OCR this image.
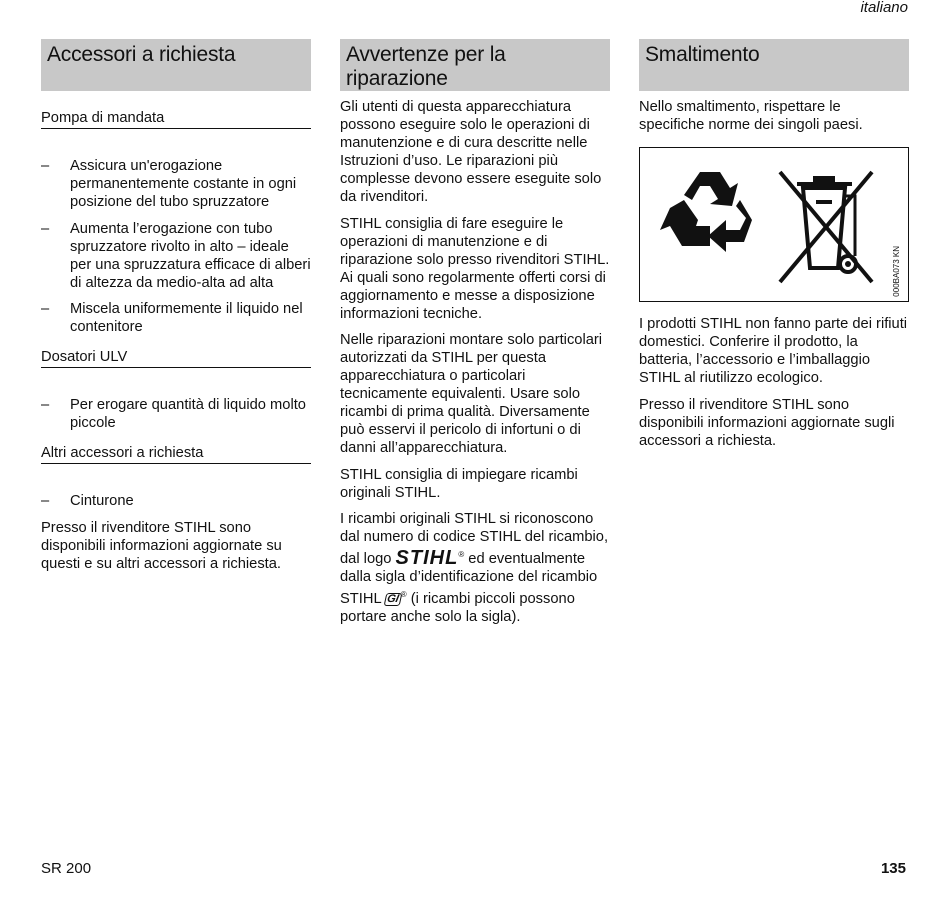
italiano
Accessori a richiesta
Pompa di mandata
–	Assicura un'erogazione permanentemente costante in ogni posizione del tubo spruzzatore
–	Aumenta l’erogazione con tubo spruzzatore rivolto in alto – ideale per una spruzzatura efficace di alberi di altezza da medio-alta ad alta
–	Miscela uniformemente il liquido nel contenitore
Dosatori ULV
–	Per erogare quantità di liquido molto piccole
Altri accessori a richiesta
–	Cinturone
Presso il rivenditore STIHL sono disponibili informazioni aggiornate su questi e su altri accessori a richiesta.
Avvertenze per la riparazione
Gli utenti di questa apparecchiatura possono eseguire solo le operazioni di manutenzione e di cura descritte nelle Istruzioni d’uso. Le riparazioni più complesse devono essere eseguite solo da rivenditori.
STIHL consiglia di fare eseguire le operazioni di manutenzione e di riparazione solo presso rivenditori STIHL. Ai quali sono regolarmente offerti corsi di aggiornamento e messe a disposizione informazioni tecniche.
Nelle riparazioni montare solo particolari autorizzati da STIHL per questa apparecchiatura o particolari tecnicamente equivalenti. Usare solo ricambi di prima qualità. Diversamente può esservi il pericolo di infortuni o di danni all’apparecchiatura.
STIHL consiglia di impiegare ricambi originali STIHL.
I ricambi originali STIHL si riconoscono dal numero di codice STIHL del ricambio, dal logo STIHL® ed eventualmente dalla sigla d’identificazione del ricambio STIHL GI® (i ricambi piccoli possono portare anche solo la sigla).
Smaltimento
Nello smaltimento, rispettare le specifiche norme dei singoli paesi.
000BA073 KN
I prodotti STIHL non fanno parte dei rifiuti domestici. Conferire il prodotto, la batteria, l’accessorio e l’imballaggio STIHL al riutilizzo ecologico.
Presso il rivenditore STIHL sono disponibili informazioni aggiornate sugli accessori a richiesta.
SR 200	135
